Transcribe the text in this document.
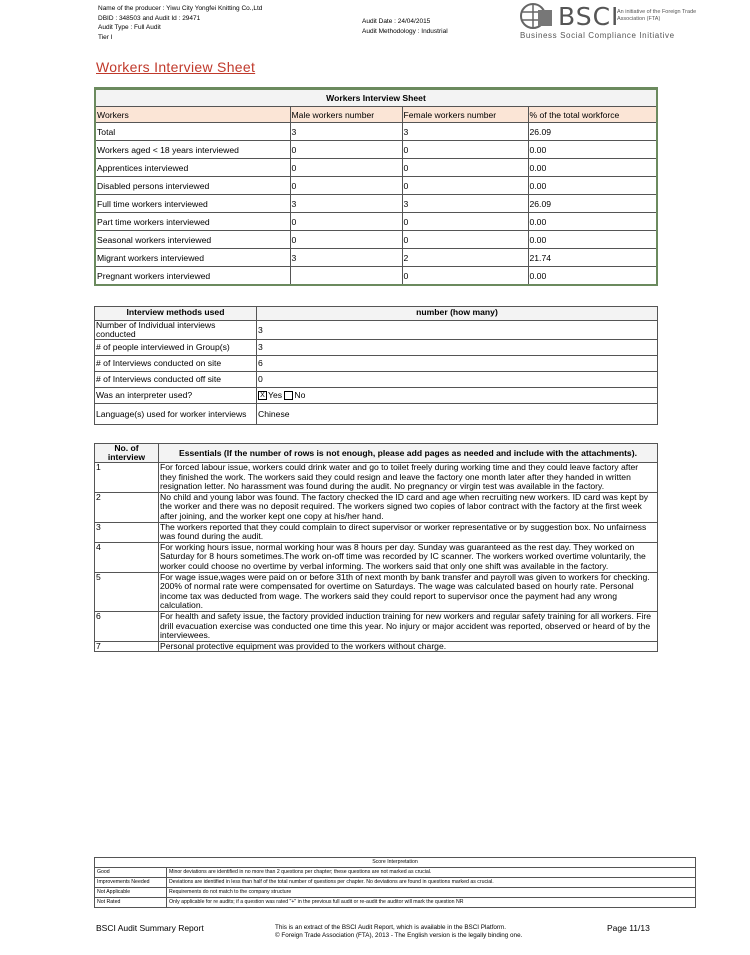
Name of the producer : Yiwu City Yongfei Knitting Co.,Ltd
DBID : 348503 and Audit Id : 29471
Audit Type : Full Audit
Tier I
Audit Date : 24/04/2015
Audit Methodology : Industrial	BSCI
An initiative of the Foreign Trade Association (FTA)
Business Social Compliance Initiative
Workers Interview Sheet
Workers Interview Sheet			
Workers	Male workers number	Female workers number	% of the total workforce
Total	3	3	26.09
Workers aged < 18 years interviewed	0	0	0.00
Apprentices interviewed	0	0	0.00
Disabled persons interviewed	0	0	0.00
Full time workers interviewed	3	3	26.09
Part time workers interviewed	0	0	0.00
Seasonal workers interviewed	0	0	0.00
Migrant workers interviewed	3	2	21.74
Pregnant workers interviewed		0	0.00
Interview methods used	number (how many)
Number of Individual interviews conducted	3
# of people interviewed in Group(s)	3
# of Interviews conducted on site	6
# of Interviews conducted off site	0
Was an interpreter used?	X Yes No
Language(s) used for worker interviews	Chinese
No. of interview	Essentials (If the number of rows is not enough, please add pages as needed and include with the attachments).
1	For forced labour issue, workers could drink water and go to toilet freely during working time and they could leave factory after they finished the work. The workers said they could resign and leave the factory one month later after they handed in written resignation letter. No harassment was found during the audit. No pregnancy or virgin test was available in the factory.
2	No child and young labor was found. The factory checked the ID card and age when recruiting new workers. ID card was kept by the worker and there was no deposit required. The workers signed two copies of labor contract with the factory at the first week after joining, and the worker kept one copy at his/her hand.
3	The workers reported that they could complain to direct supervisor or worker representative or by suggestion box. No unfairness was found during the audit.
4	For working hours issue, normal working hour was 8 hours per day. Sunday was guaranteed as the rest day. They worked on Saturday for 8 hours sometimes.The work on-off time was recorded by IC scanner. The workers worked overtime voluntarily, the worker could choose no overtime by verbal informing. The workers said that only one shift was available in the factory.
5	For wage issue,wages were paid on or before 31th of next month by bank transfer and payroll was given to workers for checking. 200% of normal rate were compensated for overtime on Saturdays. The wage was calculated based on hourly rate. Personal income tax was deducted from wage. The workers said they could report to supervisor once the payment had any wrong calculation.
6	For health and safety issue, the factory provided induction training for new workers and regular safety training for all workers. Fire drill evacuation exercise was conducted one time this year. No injury or major accident was reported, observed or heard of by the interviewees.
7	Personal protective equipment was provided to the workers without charge.
Score Interpretation	
Good	Minor deviations are identified in no more than 2 questions per chapter; these questions are not marked as crucial.
Improvements Needed	Deviations are identified in less than half of the total number of questions per chapter. No deviations are found in questions marked as crucial.
Not Applicable	Requirements do not match to the company structure
Not Rated	Only applicable for re audits; if a question was rated "+" in the previous full audit or re-audit the auditor will mark the question NR
BSCI Audit Summary Report	This is an extract of the BSCI Audit Report, which is available in the BSCI Platform.
© Foreign Trade Association (FTA), 2013 - The English version is the legally binding one.
Page 11/13
